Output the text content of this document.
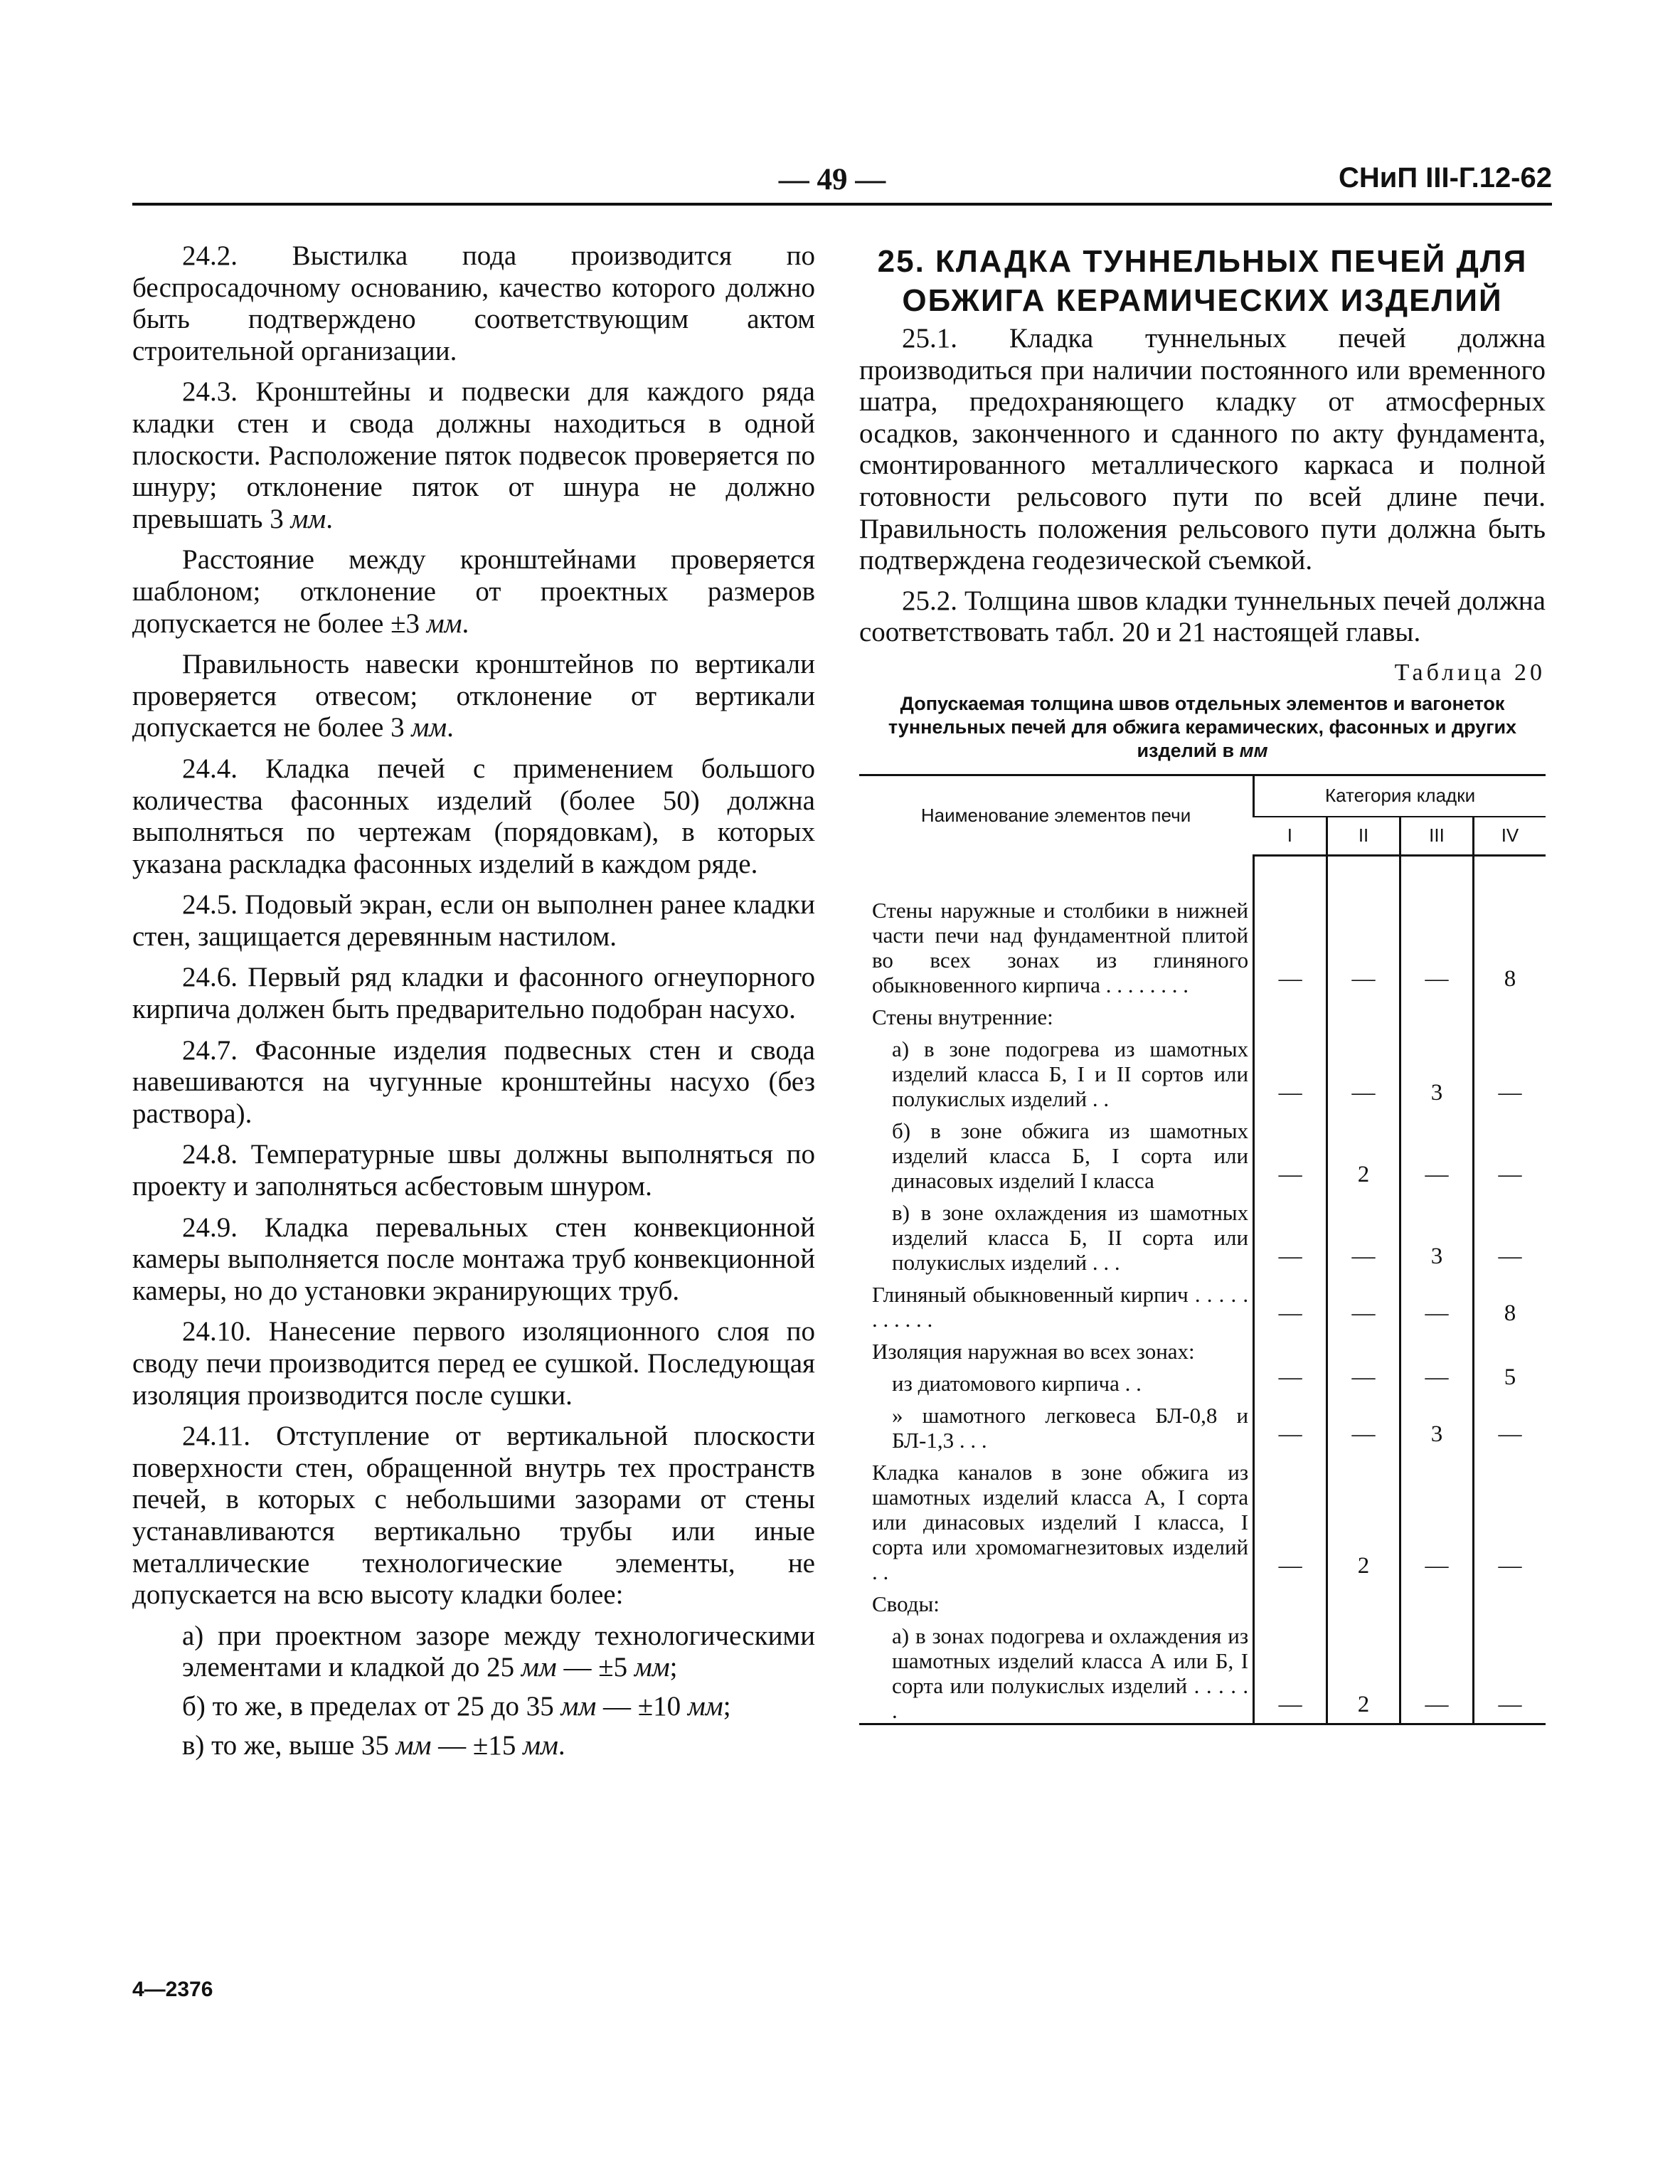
— 49 —	СНиП III-Г.12-62

24.2. Выстилка пода производится по беспросадочному основанию, качество которого должно быть подтверждено соответствующим актом строительной организации.

24.3. Кронштейны и подвески для каждого ряда кладки стен и свода должны находиться в одной плоскости. Расположение пяток подвесок проверяется по шнуру; отклонение пяток от шнура не должно превышать 3 мм.

Расстояние между кронштейнами проверяется шаблоном; отклонение от проектных размеров допускается не более ±3 мм.

Правильность навески кронштейнов по вертикали проверяется отвесом; отклонение от вертикали допускается не более 3 мм.

24.4. Кладка печей с применением большого количества фасонных изделий (более 50) должна выполняться по чертежам (порядовкам), в которых указана раскладка фасонных изделий в каждом ряде.

24.5. Подовый экран, если он выполнен ранее кладки стен, защищается деревянным настилом.

24.6. Первый ряд кладки и фасонного огнеупорного кирпича должен быть предварительно подобран насухо.

24.7. Фасонные изделия подвесных стен и свода навешиваются на чугунные кронштейны насухо (без раствора).

24.8. Температурные швы должны выполняться по проекту и заполняться асбестовым шнуром.

24.9. Кладка перевальных стен конвекционной камеры выполняется после монтажа труб конвекционной камеры, но до установки экранирующих труб.

24.10. Нанесение первого изоляционного слоя по своду печи производится перед ее сушкой. Последующая изоляция производится после сушки.

24.11. Отступление от вертикальной плоскости поверхности стен, обращенной внутрь тех пространств печей, в которых с небольшими зазорами от стены устанавливаются вертикально трубы или иные металлические технологические элементы, не допускается на всю высоту кладки более:

а) при проектном зазоре между технологическими элементами и кладкой до 25 мм — ±5 мм;

б) то же, в пределах от 25 до 35 мм — ±10 мм;

в) то же, выше 35 мм — ±15 мм.

25. КЛАДКА ТУННЕЛЬНЫХ ПЕЧЕЙ ДЛЯ ОБЖИГА КЕРАМИЧЕСКИХ ИЗДЕЛИЙ

25.1. Кладка туннельных печей должна производиться при наличии постоянного или временного шатра, предохраняющего кладку от атмосферных осадков, законченного и сданного по акту фундамента, смонтированного металлического каркаса и полной готовности рельсового пути по всей длине печи. Правильность положения рельсового пути должна быть подтверждена геодезической съемкой.

25.2. Толщина швов кладки туннельных печей должна соответствовать табл. 20 и 21 настоящей главы.

Таблица 20

Допускаемая толщина швов отдельных элементов и вагонеток туннельных печей для обжига керамических, фасонных и других изделий в мм

Наименование элементов печи	Категория кладки			
	I	II	III	IV
Стены наружные и столбики в нижней части печи над фундаментной плитой во всех зонах из глиняного обыкновенного кирпича . . . . . . . .	—	—	—	8
Стены внутренние:				

а) в зоне подогрева из шамотных изделий класса Б, I и II сортов или полукислых изделий . .	—	—	3	—

б) в зоне обжига из шамотных изделий класса Б, I сорта или динасовых изделий I класса	—	2	—	—

в) в зоне охлаждения из шамотных изделий класса Б, II сорта или полукислых изделий . . .	—	—	3	—
Глиняный обыкновенный кирпич . . . . . . . . . . .	—	—	—	8
Изоляция наружная во всех зонах:				

из диатомового кирпича . .	—	—	—	5

» шамотного легковеса БЛ-0,8 и БЛ-1,3 . . .	—	—	3	—
Кладка каналов в зоне обжига из шамотных изделий класса А, I сорта или динасовых изделий I класса, I сорта или хромомагнезитовых изделий . .	—	2	—	—
Своды:				

а) в зонах подогрева и охлаждения из шамотных изделий класса А или Б, I сорта или полукислых изделий . . . . . .	—	2	—	—
4—2376
